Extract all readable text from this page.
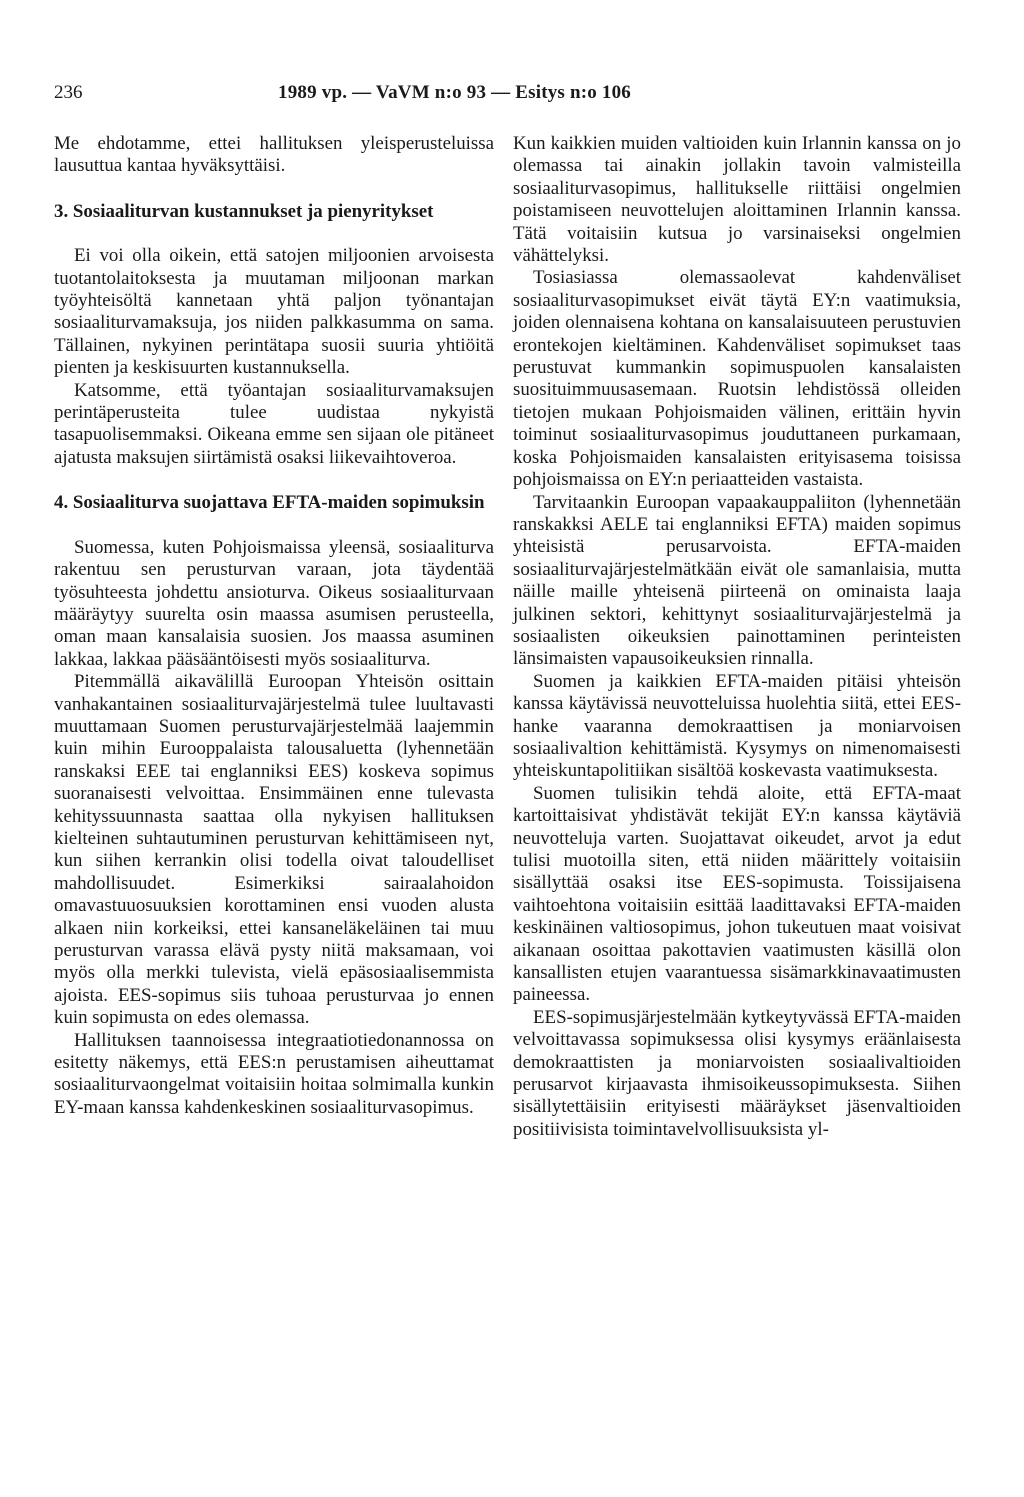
236	1989 vp. — VaVM n:o 93 — Esitys n:o 106

Me ehdotamme, ettei hallituksen yleisperusteluissa lausuttua kantaa hyväksyttäisi.

3. Sosiaaliturvan kustannukset ja pienyritykset

Ei voi olla oikein, että satojen miljoonien arvoisesta tuotantolaitoksesta ja muutaman miljoonan markan työyhteisöltä kannetaan yhtä paljon työnantajan sosiaaliturvamaksuja, jos niiden palkkasumma on sama. Tällainen, nykyinen perintätapa suosii suuria yhtiöitä pienten ja keskisuurten kustannuksella.

Katsomme, että työantajan sosiaaliturvamaksujen perintäperusteita tulee uudistaa nykyistä tasapuolisemmaksi. Oikeana emme sen sijaan ole pitäneet ajatusta maksujen siirtämistä osaksi liikevaihtoveroa.

4. Sosiaaliturva suojattava EFTA-maiden sopimuksin

Suomessa, kuten Pohjoismaissa yleensä, sosiaaliturva rakentuu sen perusturvan varaan, jota täydentää työsuhteesta johdettu ansioturva. Oikeus sosiaaliturvaan määräytyy suurelta osin maassa asumisen perusteella, oman maan kansalaisia suosien. Jos maassa asuminen lakkaa, lakkaa pääsääntöisesti myös sosiaaliturva.

Pitemmällä aikavälillä Euroopan Yhteisön osittain vanhakantainen sosiaaliturvajärjestelmä tulee luultavasti muuttamaan Suomen perusturvajärjestelmää laajemmin kuin mihin Eurooppalaista talousaluetta (lyhennetään ranskaksi EEE tai englanniksi EES) koskeva sopimus suoranaisesti velvoittaa. Ensimmäinen enne tulevasta kehityssuunnasta saattaa olla nykyisen hallituksen kielteinen suhtautuminen perusturvan kehittämiseen nyt, kun siihen kerrankin olisi todella oivat taloudelliset mahdollisuudet. Esimerkiksi sairaalahoidon omavastuuosuuksien korottaminen ensi vuoden alusta alkaen niin korkeiksi, ettei kansaneläkeläinen tai muu perusturvan varassa elävä pysty niitä maksamaan, voi myös olla merkki tulevista, vielä epäsosiaalisemmista ajoista. EES-sopimus siis tuhoaa perusturvaa jo ennen kuin sopimusta on edes olemassa.

Hallituksen taannoisessa integraatiotiedonannossa on esitetty näkemys, että EES:n perustamisen aiheuttamat sosiaaliturvaongelmat voitaisiin hoitaa solmimalla kunkin EY-maan kanssa kahdenkeskinen sosiaaliturvasopimus.

Kun kaikkien muiden valtioiden kuin Irlannin kanssa on jo olemassa tai ainakin jollakin tavoin valmisteilla sosiaaliturvasopimus, hallitukselle riittäisi ongelmien poistamiseen neuvottelujen aloittaminen Irlannin kanssa. Tätä voitaisiin kutsua jo varsinaiseksi ongelmien vähättelyksi.

Tosiasiassa olemassaolevat kahdenväliset sosiaaliturvasopimukset eivät täytä EY:n vaatimuksia, joiden olennaisena kohtana on kansalaisuuteen perustuvien erontekojen kieltäminen. Kahdenväliset sopimukset taas perustuvat kummankin sopimuspuolen kansalaisten suosituimmuusasemaan. Ruotsin lehdistössä olleiden tietojen mukaan Pohjoismaiden välinen, erittäin hyvin toiminut sosiaaliturvasopimus jouduttaneen purkamaan, koska Pohjoismaiden kansalaisten erityisasema toisissa pohjoismaissa on EY:n periaatteiden vastaista.

Tarvitaankin Euroopan vapaakauppaliiton (lyhennetään ranskakksi AELE tai englanniksi EFTA) maiden sopimus yhteisistä perusarvoista. EFTA-maiden sosiaaliturvajärjestelmätkään eivät ole samanlaisia, mutta näille maille yhteisenä piirteenä on ominaista laaja julkinen sektori, kehittynyt sosiaaliturvajärjestelmä ja sosiaalisten oikeuksien painottaminen perinteisten länsimaisten vapausoikeuksien rinnalla.

Suomen ja kaikkien EFTA-maiden pitäisi yhteisön kanssa käytävissä neuvotteluissa huolehtia siitä, ettei EES-hanke vaaranna demokraattisen ja moniarvoisen sosiaalivaltion kehittämistä. Kysymys on nimenomaisesti yhteiskuntapolitiikan sisältöä koskevasta vaatimuksesta.

Suomen tulisikin tehdä aloite, että EFTA-maat kartoittaisivat yhdistävät tekijät EY:n kanssa käytäviä neuvotteluja varten. Suojattavat oikeudet, arvot ja edut tulisi muotoilla siten, että niiden määrittely voitaisiin sisällyttää osaksi itse EES-sopimusta. Toissijaisena vaihtoehtona voitaisiin esittää laadittavaksi EFTA-maiden keskinäinen valtiosopimus, johon tukeutuen maat voisivat aikanaan osoittaa pakottavien vaatimusten käsillä olon kansallisten etujen vaarantuessa sisämarkkinavaatimusten paineessa.

EES-sopimusjärjestelmään kytkeytyvässä EFTA-maiden velvoittavassa sopimuksessa olisi kysymys eräänlaisesta demokraattisten ja moniarvoisten sosiaalivaltioiden perusarvot kirjaavasta ihmisoikeussopimuksesta. Siihen sisällytettäisiin erityisesti määräykset jäsenvaltioiden positiivisista toimintavelvollisuuksista yl-
